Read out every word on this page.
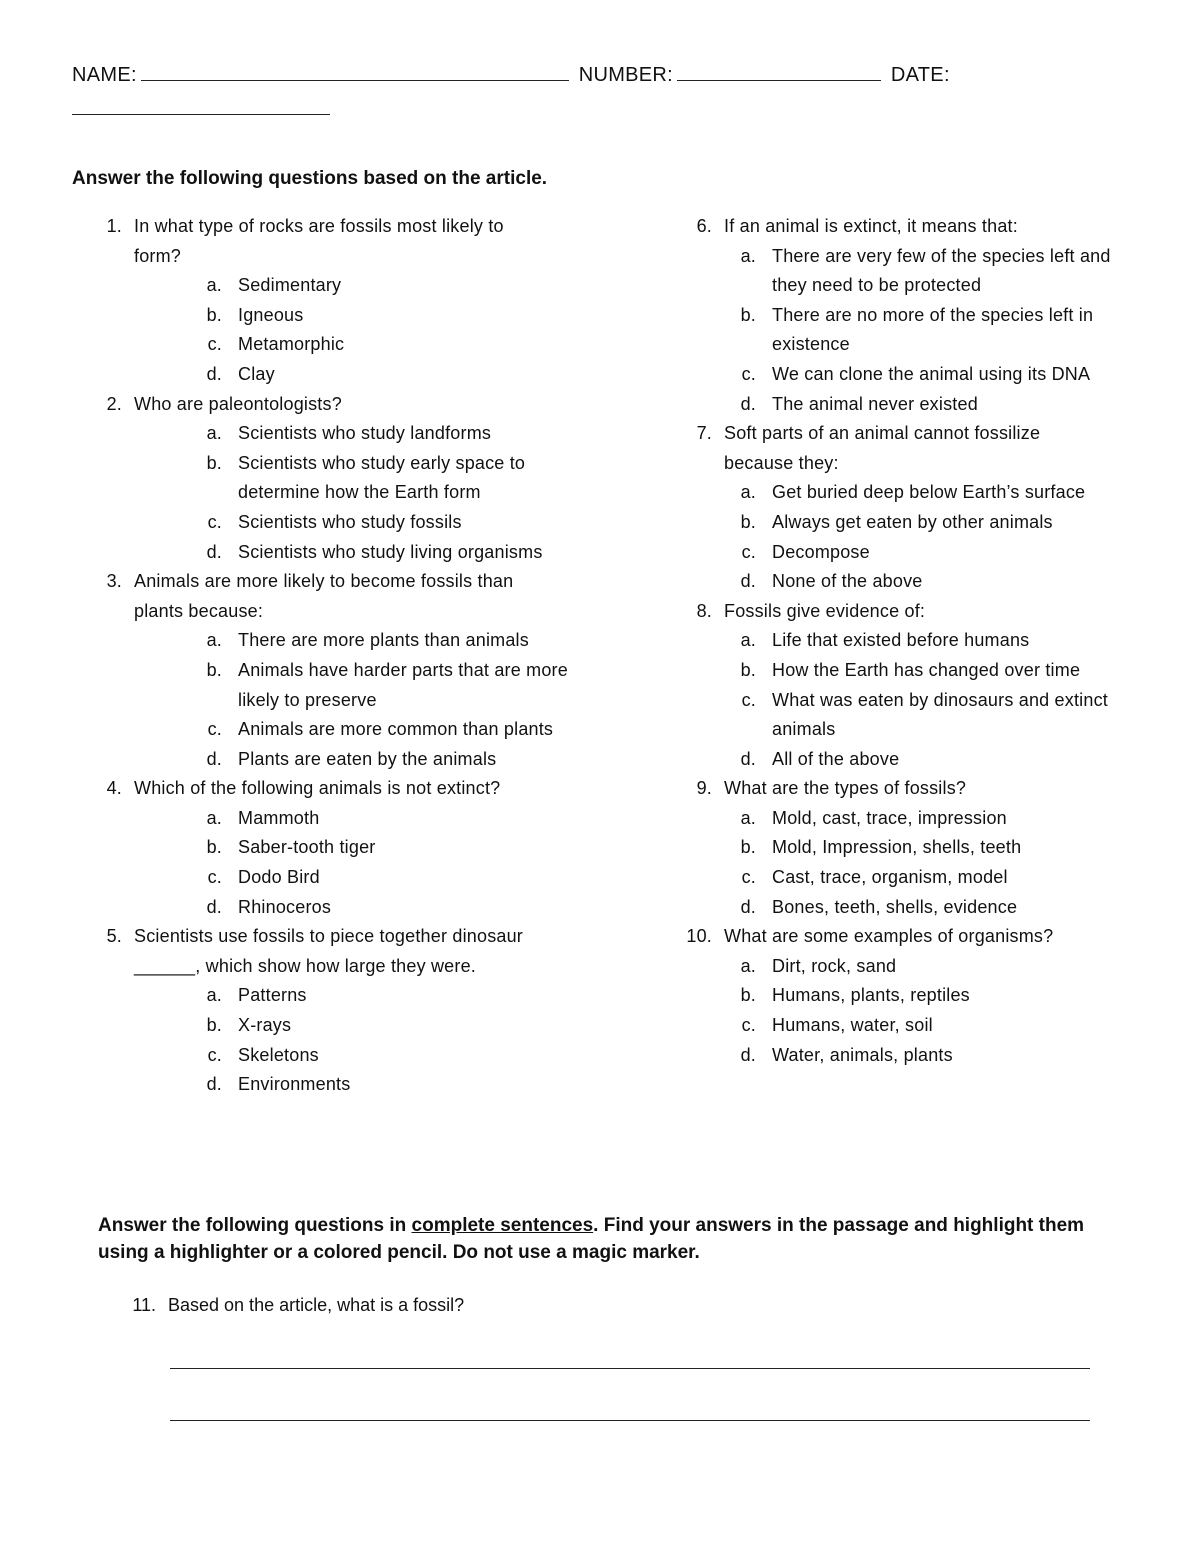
NAME:	NUMBER:	DATE:
Answer the following questions based on the article.
1. In what type of rocks are fossils most likely to form?
a. Sedimentary
b. Igneous
c. Metamorphic
d. Clay
2. Who are paleontologists?
a. Scientists who study landforms
b. Scientists who study early space to determine how the Earth form
c. Scientists who study fossils
d. Scientists who study living organisms
3. Animals are more likely to become fossils than plants because:
a. There are more plants than animals
b. Animals have harder parts that are more likely to preserve
c. Animals are more common than plants
d. Plants are eaten by the animals
4. Which of the following animals is not extinct?
a. Mammoth
b. Saber-tooth tiger
c. Dodo Bird
d. Rhinoceros
5. Scientists use fossils to piece together dinosaur ______, which show how large they were.
a. Patterns
b. X-rays
c. Skeletons
d. Environments
6. If an animal is extinct, it means that:
a. There are very few of the species left and they need to be protected
b. There are no more of the species left in existence
c. We can clone the animal using its DNA
d. The animal never existed
7. Soft parts of an animal cannot fossilize because they:
a. Get buried deep below Earth’s surface
b. Always get eaten by other animals
c. Decompose
d. None of the above
8. Fossils give evidence of:
a. Life that existed before humans
b. How the Earth has changed over time
c. What was eaten by dinosaurs and extinct animals
d. All of the above
9. What are the types of fossils?
a. Mold, cast, trace, impression
b. Mold, Impression, shells, teeth
c. Cast, trace, organism, model
d. Bones, teeth, shells, evidence
10. What are some examples of organisms?
a. Dirt, rock, sand
b. Humans, plants, reptiles
c. Humans, water, soil
d. Water, animals, plants
Answer the following questions in complete sentences. Find your answers in the passage and highlight them using a highlighter or a colored pencil. Do not use a magic marker.
11. Based on the article, what is a fossil?
